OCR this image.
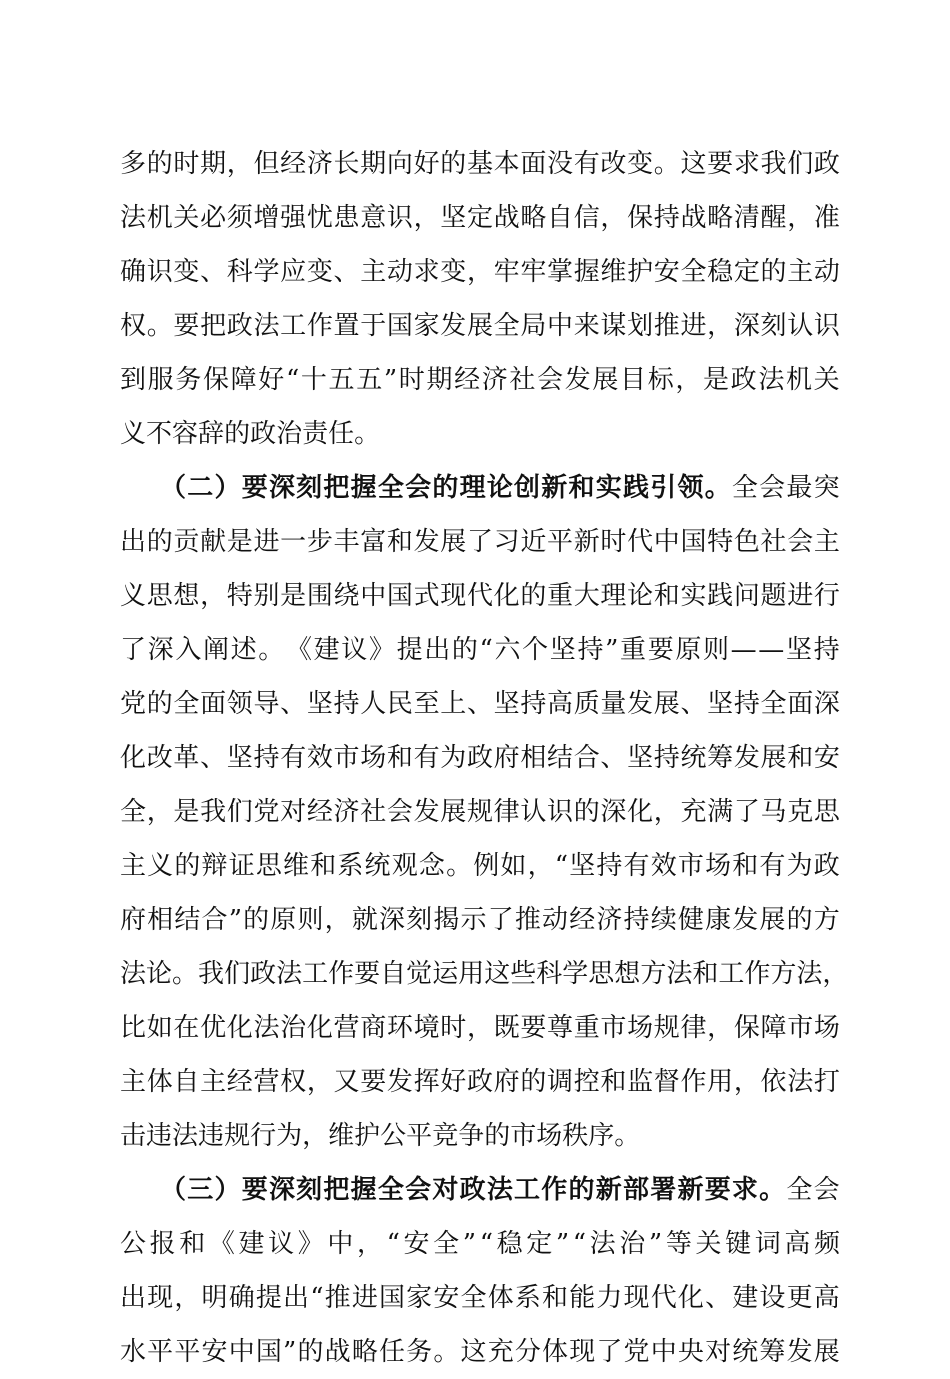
多 的 时 期 ， 但 经 济 长 期 向 好 的 基 本 面 没 有 改 变 。 这 要 求 我 们 政
法 机 关 必 须 增 强 忧 患 意 识 ， 坚 定 战 略 自 信 ， 保 持 战 略 清 醒 ， 准
确 识 变 、 科 学 应 变 、 主 动 求 变 ， 牢 牢 掌 握 维 护 安 全 稳 定 的 主 动
权 。 要 把 政 法 工 作 置 于 国 家 发 展 全 局 中 来 谋 划 推 进 ， 深 刻 认 识
到 服 务 保 障 好 “ 十 五 五 ” 时 期 经 济 社 会 发 展 目 标 ， 是 政 法 机 关
义 不 容 辞 的 政 治 责 任 。
（ 二 ） 要 深 刻 把 握 全 会 的 理 论 创 新 和 实 践 引 领 。 全 会 最 突
出 的 贡 献 是 进 一 步 丰 富 和 发 展 了 习 近 平 新 时 代 中 国 特 色 社 会 主
义 思 想 ， 特 别 是 围 绕 中 国 式 现 代 化 的 重 大 理 论 和 实 践 问 题 进 行
了 深 入 阐 述 。 《 建 议 》 提 出 的 “ 六 个 坚 持 ” 重 要 原 则 — — 坚 持
党 的 全 面 领 导 、 坚 持 人 民 至 上 、 坚 持 高 质 量 发 展 、 坚 持 全 面 深
化 改 革 、 坚 持 有 效 市 场 和 有 为 政 府 相 结 合 、 坚 持 统 筹 发 展 和 安
全 ， 是 我 们 党 对 经 济 社 会 发 展 规 律 认 识 的 深 化 ， 充 满 了 马 克 思
主 义 的 辩 证 思 维 和 系 统 观 念 。 例 如 ， “ 坚 持 有 效 市 场 和 有 为 政
府 相 结 合 ” 的 原 则 ， 就 深 刻 揭 示 了 推 动 经 济 持 续 健 康 发 展 的 方
法 论 。 我 们 政 法 工 作 要 自 觉 运 用 这 些 科 学 思 想 方 法 和 工 作 方 法 ，
比 如 在 优 化 法 治 化 营 商 环 境 时 ， 既 要 尊 重 市 场 规 律 ， 保 障 市 场
主 体 自 主 经 营 权 ， 又 要 发 挥 好 政 府 的 调 控 和 监 督 作 用 ， 依 法 打
击 违 法 违 规 行 为 ， 维 护 公 平 竞 争 的 市 场 秩 序 。
（ 三 ） 要 深 刻 把 握 全 会 对 政 法 工 作 的 新 部 署 新 要 求 。 全 会
公 报 和 《 建 议 》 中 ， “ 安 全 ” “ 稳 定 ” “ 法 治 ” 等 关 键 词 高 频
出 现 ， 明 确 提 出 “ 推 进 国 家 安 全 体 系 和 能 力 现 代 化 、 建 设 更 高
水 平 平 安 中 国 ” 的 战 略 任 务 。 这 充 分 体 现 了 党 中 央 对 统 筹 发 展
